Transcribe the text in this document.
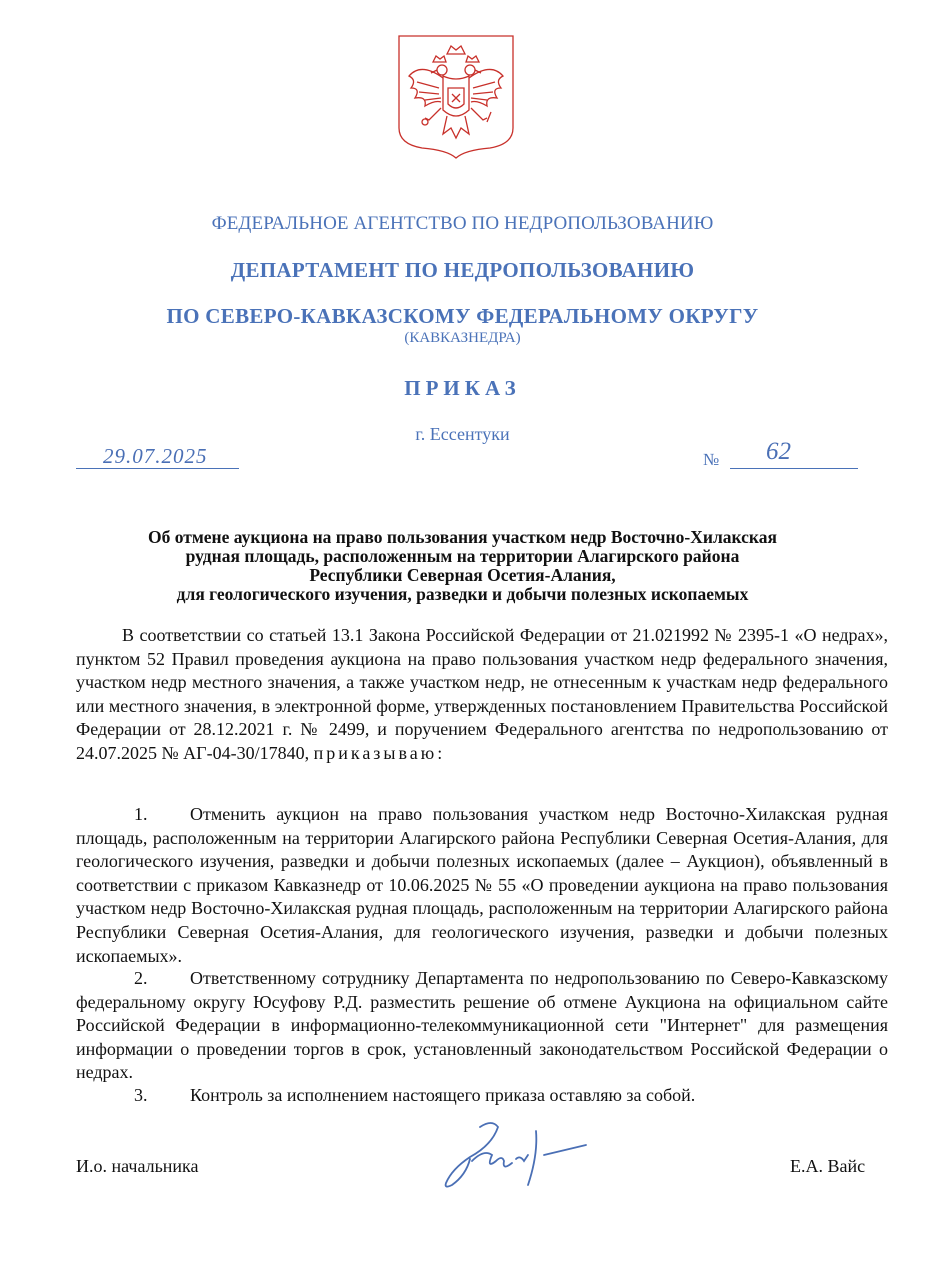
ФЕДЕРАЛЬНОЕ АГЕНТСТВО ПО НЕДРОПОЛЬЗОВАНИЮ
ДЕПАРТАМЕНТ ПО НЕДРОПОЛЬЗОВАНИЮ
ПО СЕВЕРО-КАВКАЗСКОМУ ФЕДЕРАЛЬНОМУ ОКРУГУ
(КАВКАЗНЕДРА)
ПРИКАЗ
г. Ессентуки
29.07.2025	№ 62
Об отмене аукциона на право пользования участком недр Восточно-Хилакская
рудная площадь, расположенным на территории Алагирского района
Республики Северная Осетия-Алания,
для геологического изучения, разведки и добычи полезных ископаемых
В соответствии со статьей 13.1 Закона Российской Федерации от 21.021992 № 2395-1 «О недрах», пунктом 52 Правил проведения аукциона на право пользования участком недр федерального значения, участком недр местного значения, а также участком недр, не отнесенным к участкам недр федерального или местного значения, в электронной форме, утвержденных постановлением Правительства Российской Федерации от 28.12.2021 г. № 2499, и поручением Федерального агентства по недропользованию от 24.07.2025 № АГ-04-30/17840, приказываю:
1. Отменить аукцион на право пользования участком недр Восточно-Хилакская рудная площадь, расположенным на территории Алагирского района Республики Северная Осетия-Алания, для геологического изучения, разведки и добычи полезных ископаемых (далее – Аукцион), объявленный в соответствии с приказом Кавказнедр от 10.06.2025 № 55 «О проведении аукциона на право пользования участком недр Восточно-Хилакская рудная площадь, расположенным на территории Алагирского района Республики Северная Осетия-Алания, для геологического изучения, разведки и добычи полезных ископаемых».
2. Ответственному сотруднику Департамента по недропользованию по Северо-Кавказскому федеральному округу Юсуфову Р.Д. разместить решение об отмене Аукциона на официальном сайте Российской Федерации в информационно-телекоммуникационной сети "Интернет" для размещения информации о проведении торгов в срок, установленный законодательством Российской Федерации о недрах.
3. Контроль за исполнением настоящего приказа оставляю за собой.
И.о. начальника	Е.А. Вайс
